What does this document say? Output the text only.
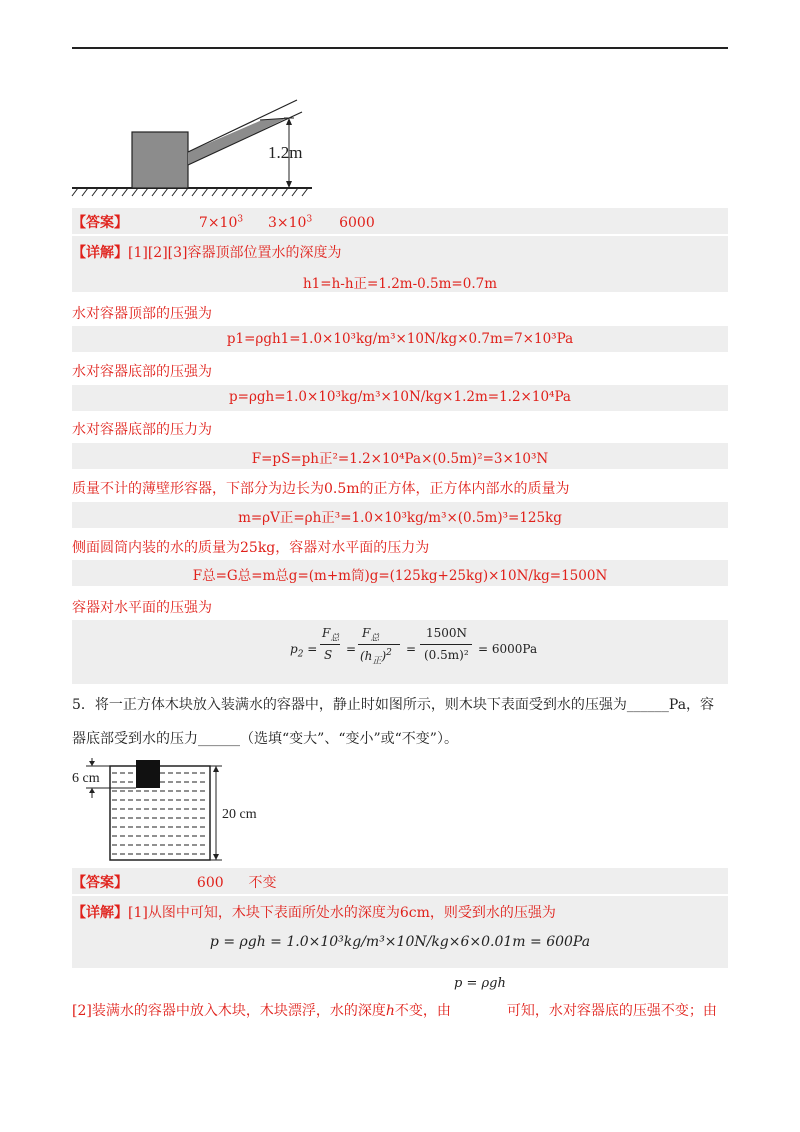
1.2m
【答案】	$7\times 10^3$ $3\times 10^3$ 6000
【详解】[1][2][3]容器顶部位置水的深度为
h1=h-h正=1.2m-0.5m=0.7m
水对容器顶部的压强为
p1=ρgh1=1.0×10³kg/m³×10N/kg×0.7m=7×10³Pa
水对容器底部的压强为
p=ρgh=1.0×10³kg/m³×10N/kg×1.2m=1.2×10⁴Pa
水对容器底部的压力为
F=pS=ph正²=1.2×10⁴Pa×(0.5m)²=3×10³N
质量不计的薄壁形容器，下部分为边长为0.5m的正方体，正方体内部水的质量为
m=ρV正=ρh正³=1.0×10³kg/m³×(0.5m)³=125kg
侧面圆筒内装的水的质量为25kg，容器对水平面的压力为
F总=G总=m总g=(m+m筒)g=(125kg+25kg)×10N/kg=1500N
容器对水平面的压强为
$p_2$ =
$F_总$
S =
$F_总$
$(h_正)^2$ =
1500N
(0.5m)² = 6000Pa
5．将一正方体木块放入装满水的容器中，静止时如图所示，则木块下表面受到水的压强为______Pa，容
器底部受到水的压力______（选填“变大”、“变小”或“不变”）。
6 cm
20 cm
【答案】	600 不变
【详解】[1]从图中可知，木块下表面所处水的深度为6cm，则受到水的压强为
p = ρgh = 1.0×10³kg/m³×10N/kg×6×0.01m = 600Pa
p = ρgh
[2]装满水的容器中放入木块，木块漂浮，水的深度h不变，由	可知，水对容器底的压强不变；由
